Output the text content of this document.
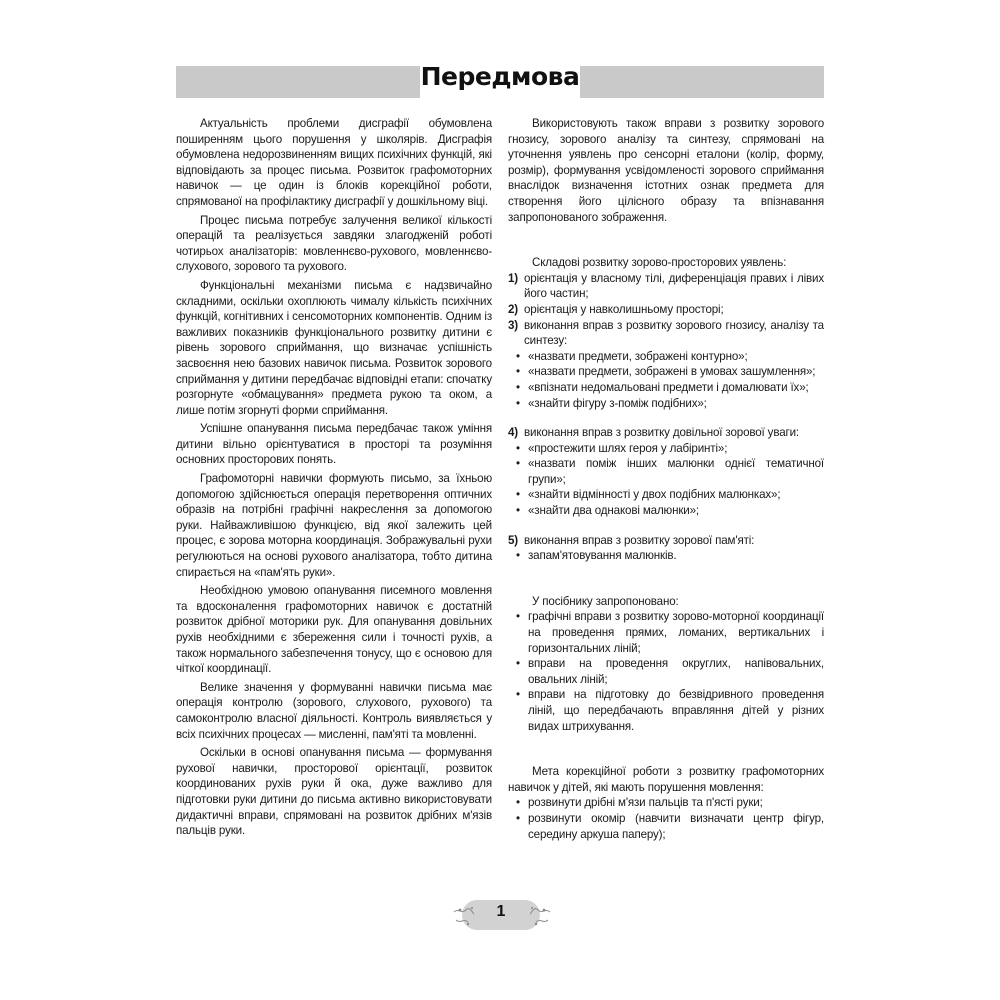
Передмова

Актуальність проблеми дисграфії обумовлена поширенням цього порушення у школярів. Дисграфія обумовлена недорозвиненням вищих психічних функцій, які відповідають за процес письма. Розвиток графомоторних навичок — це один із блоків корекційної роботи, спрямованої на профілактику дисграфії у дошкільному віці.

Процес письма потребує залучення великої кількості операцій та реалізується завдяки злагодженій роботі чотирьох аналізаторів: мовленнєво-рухового, мовленнєво-слухового, зорового та рухового.

Функціональні механізми письма є надзвичайно складними, оскільки охоплюють чималу кількість психічних функцій, когнітивних і сенсомоторних компонентів. Одним із важливих показників функціонального розвитку дитини є рівень зорового сприймання, що визначає успішність засвоєння нею базових навичок письма. Розвиток зорового сприймання у дитини передбачає відповідні етапи: спочатку розгорнуте «обмацування» предмета рукою та оком, а лише потім згорнуті форми сприймання.

Успішне опанування письма передбачає також уміння дитини вільно орієнтуватися в просторі та розуміння основних просторових понять.

Графомоторні навички формують письмо, за їхньою допомогою здійснюється операція перетворення оптичних образів на потрібні графічні накреслення за допомогою руки. Найважливішою функцією, від якої залежить цей процес, є зорова моторна координація. Зображувальні рухи регулюються на основі рухового аналізатора, тобто дитина спирається на «пам'ять руки».

Необхідною умовою опанування писемного мовлення та вдосконалення графомоторних навичок є достатній розвиток дрібної моторики рук. Для опанування довільних рухів необхідними є збереження сили і точності рухів, а також нормального забезпечення тонусу, що є основою для чіткої координації.

Велике значення у формуванні навички письма має операція контролю (зорового, слухового, рухового) та самоконтролю власної діяльності. Контроль виявляється у всіх психічних процесах — мисленні, пам'яті та мовленні.

Оскільки в основі опанування письма — формування рухової навички, просторової орієнтації, розвиток координованих рухів руки й ока, дуже важливо для підготовки руки дитини до письма активно використовувати дидактичні вправи, спрямовані на розвиток дрібних м'язів пальців руки.

Використовують також вправи з розвитку зорового гнозису, зорового аналізу та синтезу, спрямовані на уточнення уявлень про сенсорні еталони (колір, форму, розмір), формування усвідомленості зорового сприймання внаслідок визначення істотних ознак предмета для створення його цілісного образу та впізнавання запропонованого зображення.

Складові розвитку зорово-просторових уявлень:
1) орієнтація у власному тілі, диференціація правих і лівих його частин;
2) орієнтація у навколишньому просторі;
3) виконання вправ з розвитку зорового гнозису, аналізу та синтезу:
• «назвати предмети, зображені контурно»;
• «назвати предмети, зображені в умовах зашумлення»;
• «впізнати недомальовані предмети і домалювати їх»;
• «знайти фігуру з-поміж подібних»;
4) виконання вправ з розвитку довільної зорової уваги:
• «простежити шлях героя у лабіринті»;
• «назвати поміж інших малюнки однієї тематичної групи»;
• «знайти відмінності у двох подібних малюнках»;
• «знайти два однакові малюнки»;
5) виконання вправ з розвитку зорової пам'яті:
• запам'ятовування малюнків.
У посібнику запропоновано:
• графічні вправи з розвитку зорово-моторної координації на проведення прямих, ломаних, вертикальних і горизонтальних ліній;
• вправи на проведення округлих, напівовальних, овальних ліній;
• вправи на підготовку до безвідривного проведення ліній, що передбачають вправляння дітей у різних видах штрихування.
Мета корекційної роботи з розвитку графомоторних навичок у дітей, які мають порушення мовлення:
• розвинути дрібні м'язи пальців та п'ясті руки;
• розвинути окомір (навчити визначати центр фігур, середину аркуша паперу);
1
